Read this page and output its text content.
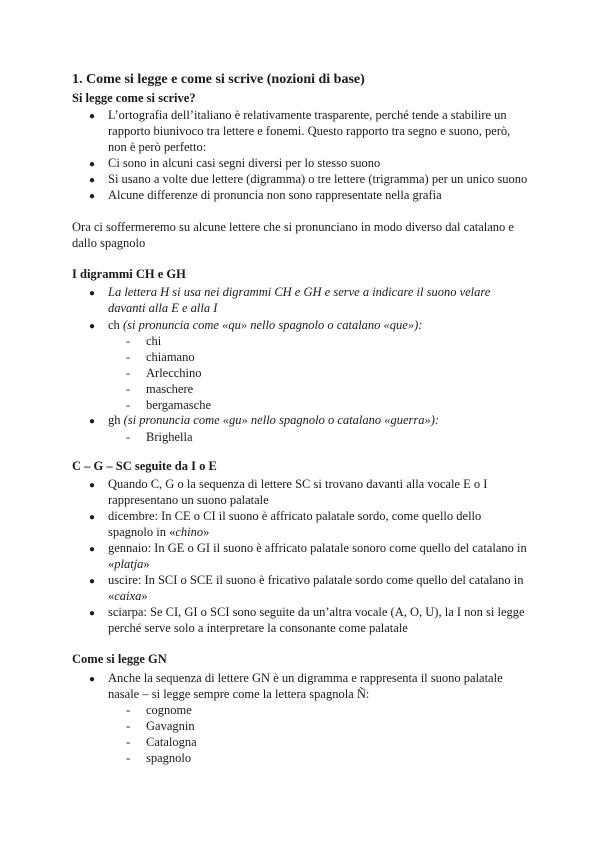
1. Come si legge e come si scrive (nozioni di base)
Si legge come si scrive?
● L’ortografia dell’italiano è relativamente trasparente, perché tende a stabilire un rapporto biunivoco tra lettere e fonemi. Questo rapporto tra segno e suono, però, non è però perfetto:
● Ci sono in alcuni casi segni diversi per lo stesso suono
● Si usano a volte due lettere (digramma) o tre lettere (trigramma) per un unico suono
● Alcune differenze di pronuncia non sono rappresentate nella grafia
Ora ci soffermeremo su alcune lettere che si pronunciano in modo diverso dal catalano e dallo spagnolo
I digrammi CH e GH
● La lettera H si usa nei digrammi CH e GH e serve a indicare il suono velare davanti alla E e alla I
● ch (si pronuncia come «qu» nello spagnolo o catalano «que»):
- chi
- chiamano
- Arlecchino
- maschere
- bergamasche
● gh (si pronuncia come «gu» nello spagnolo o catalano «guerra»):
- Brighella
C – G – SC seguite da I o E
● Quando C, G o la sequenza di lettere SC si trovano davanti alla vocale E o I rappresentano un suono palatale
● dicembre: In CE o CI il suono è affricato palatale sordo, come quello dello spagnolo in «chino»
● gennaio: In GE o GI il suono è affricato palatale sonoro come quello del catalano in «platja»
● uscire: In SCI o SCE il suono è fricativo palatale sordo come quello del catalano in «caixa»
● sciarpa: Se CI, GI o SCI sono seguite da un’altra vocale (A, O, U), la I non si legge perché serve solo a interpretare la consonante come palatale
Come si legge GN
● Anche la sequenza di lettere GN è un digramma e rappresenta il suono palatale nasale – si legge sempre come la lettera spagnola Ñ:
- cognome
- Gavagnin
- Catalogna
- spagnolo
